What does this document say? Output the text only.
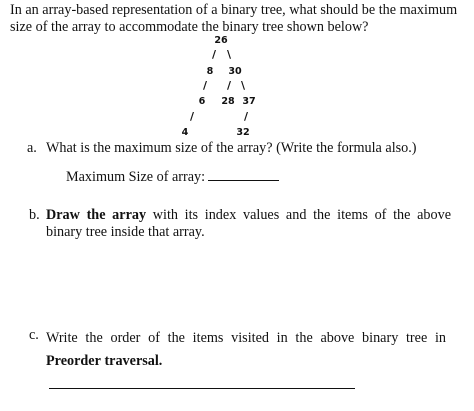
In an array-based representation of a binary tree, what should be the maximum size of the array to accommodate the binary tree shown below?
26
/ \
8 30
/ / \
6 28 37
/	/
4	32
a. What is the maximum size of the array? (Write the formula also.)
Maximum Size of array:
b. Draw the array with its index values and the items of the above binary tree inside that array.
c. Write the order of the items visited in the above binary tree in Preorder traversal.
